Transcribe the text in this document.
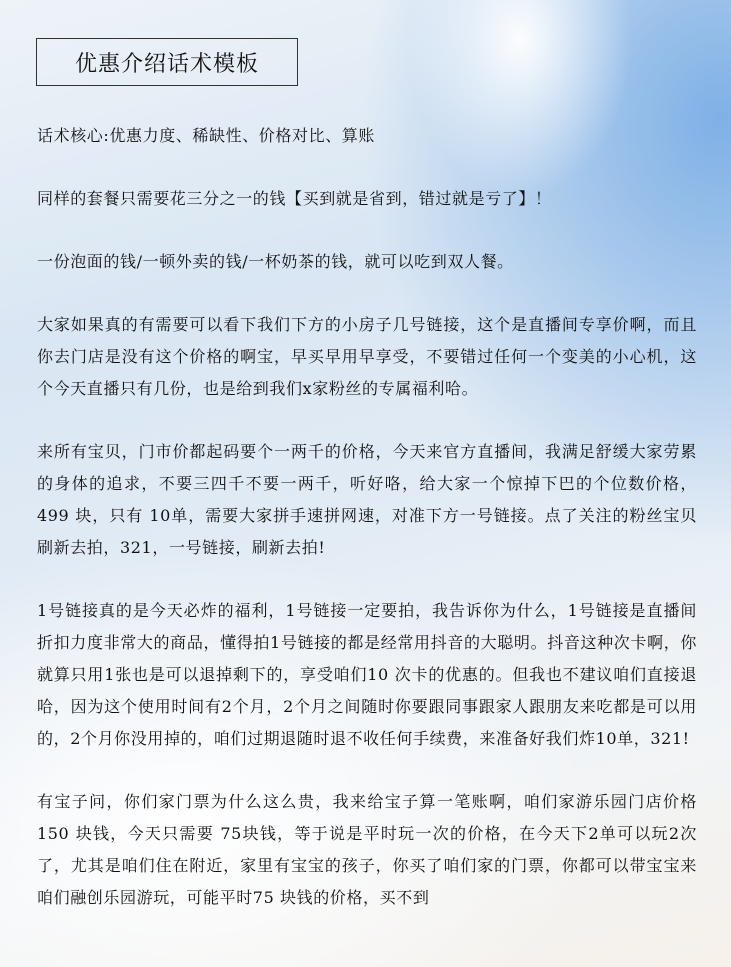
优惠介绍话术模板

话术核心:优惠力度、稀缺性、价格对比、算账

同样的套餐只需要花三分之一的钱【买到就是省到，错过就是亏了】！

一份泡面的钱/一顿外卖的钱/一杯奶茶的钱，就可以吃到双人餐。

大家如果真的有需要可以看下我们下方的小房子几号链接，这个是直播间专享价啊，而且你去门店是没有这个价格的啊宝，早买早用早享受，不要错过任何一个变美的小心机，这个今天直播只有几份，也是给到我们x家粉丝的专属福利哈。

来所有宝贝，门市价都起码要个一两千的价格，今天来官方直播间，我满足舒缓大家劳累的身体的追求，不要三四千不要一两千，听好咯，给大家一个惊掉下巴的个位数价格，499 块，只有 10单，需要大家拼手速拼网速，对准下方一号链接。点了关注的粉丝宝贝刷新去拍，321，一号链接，刷新去拍!

1号链接真的是今天必炸的福利，1号链接一定要拍，我告诉你为什么，1号链接是直播间折扣力度非常大的商品，懂得拍1号链接的都是经常用抖音的大聪明。抖音这种次卡啊，你就算只用1张也是可以退掉剩下的，享受咱们10 次卡的优惠的。但我也不建议咱们直接退哈，因为这个使用时间有2个月，2个月之间随时你要跟同事跟家人跟朋友来吃都是可以用的，2个月你没用掉的，咱们过期退随时退不收任何手续费，来准备好我们炸10单，321!

有宝子问，你们家门票为什么这么贵，我来给宝子算一笔账啊，咱们家游乐园门店价格150 块钱，今天只需要 75块钱，等于说是平时玩一次的价格，在今天下2单可以玩2次了，尤其是咱们住在附近，家里有宝宝的孩子，你买了咱们家的门票，你都可以带宝宝来咱们融创乐园游玩，可能平时75 块钱的价格，买不到
